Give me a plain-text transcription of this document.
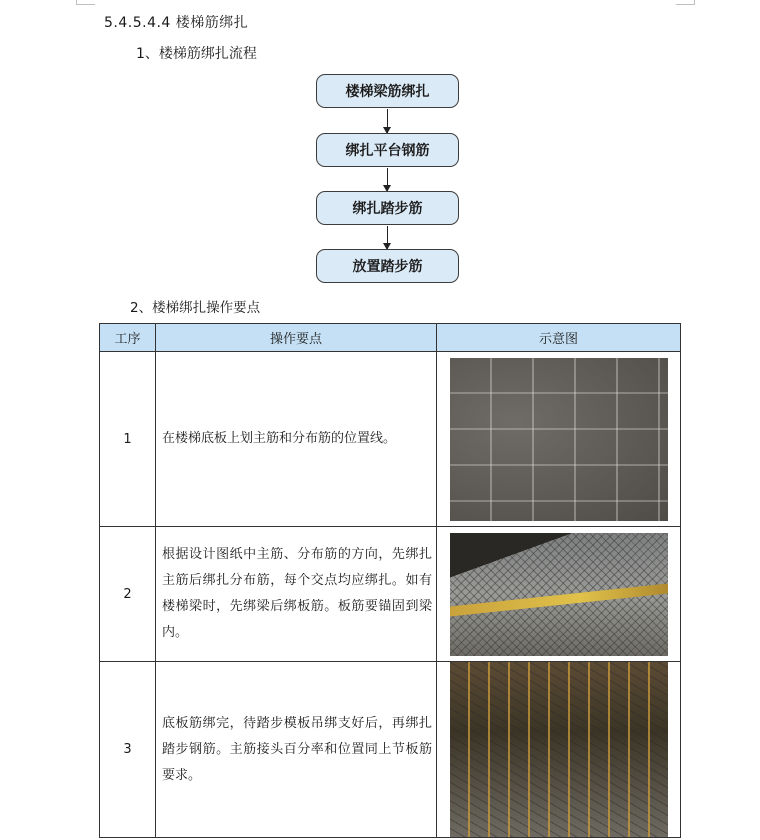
5.4.5.4.4 楼梯筋绑扎
1、楼梯筋绑扎流程
楼梯梁筋绑扎
绑扎平台钢筋
绑扎踏步筋
放置踏步筋
2、楼梯绑扎操作要点
工序	操作要点	示意图
1	在楼梯底板上划主筋和分布筋的位置线。	

2	根据设计图纸中主筋、分布筋的方向，先绑扎主筋后绑扎分布筋，每个交点均应绑扎。如有楼梯梁时，先绑梁后绑板筋。板筋要锚固到梁内。	

3	底板筋绑完，待踏步模板吊绑支好后，再绑扎踏步钢筋。主筋接头百分率和位置同上节板筋要求。	
